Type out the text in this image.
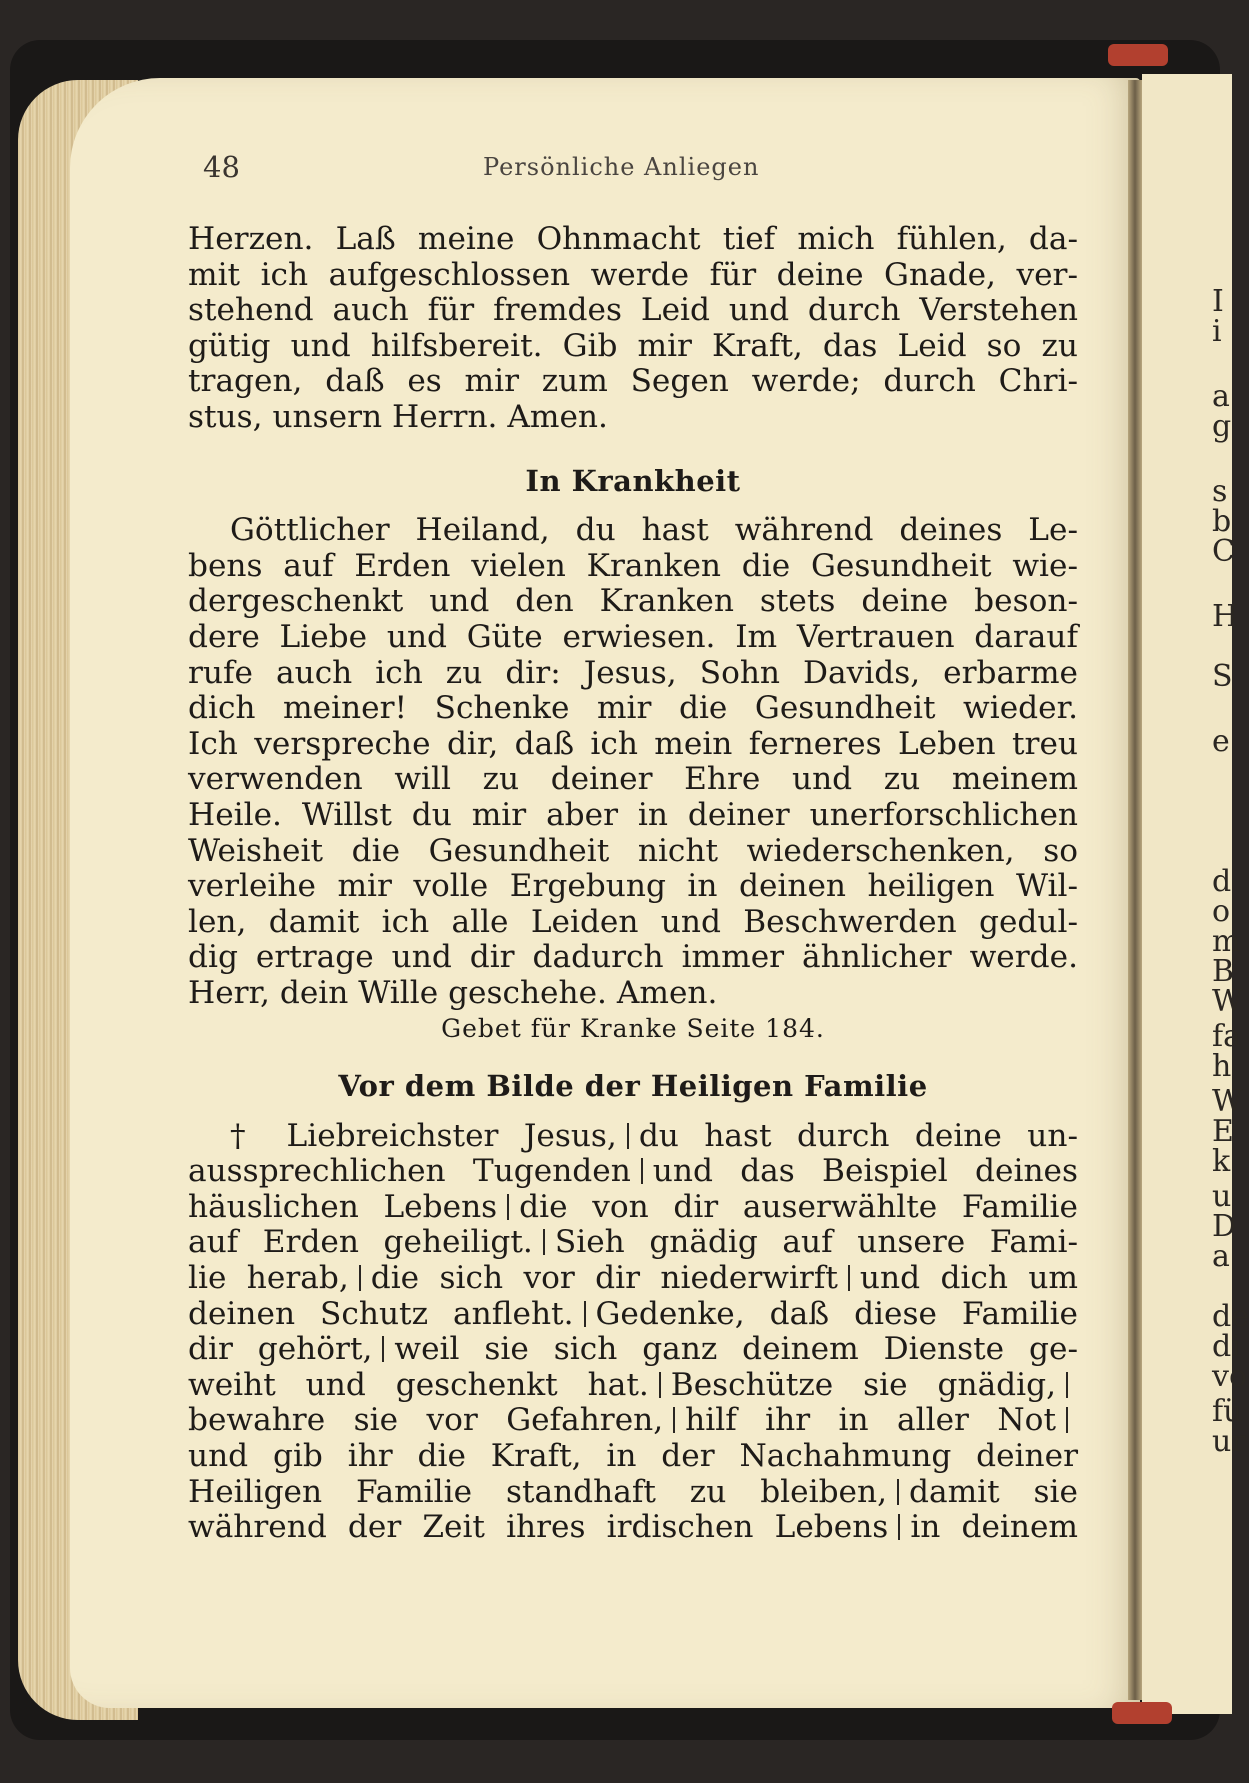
I
i
a
g
s
b
C
H
S
e
d
o
m
B
W
fa
h
W
E
k
u
D
a
de
di
vo
fü
ur
48	Persönliche Anliegen
Herzen. Laß meine Ohnmacht tief mich fühlen, da-
mit ich aufgeschlossen werde für deine Gnade, ver-
stehend auch für fremdes Leid und durch Verstehen
gütig und hilfsbereit. Gib mir Kraft, das Leid so zu
tragen, daß es mir zum Segen werde; durch Chri-
stus, unsern Herrn. Amen.
In Krankheit
Göttlicher Heiland, du hast während deines Le-
bens auf Erden vielen Kranken die Gesundheit wie-
dergeschenkt und den Kranken stets deine beson-
dere Liebe und Güte erwiesen. Im Vertrauen darauf
rufe auch ich zu dir: Jesus, Sohn Davids, erbarme
dich meiner! Schenke mir die Gesundheit wieder.
Ich verspreche dir, daß ich mein ferneres Leben treu
verwenden will zu deiner Ehre und zu meinem
Heile. Willst du mir aber in deiner unerforschlichen
Weisheit die Gesundheit nicht wiederschenken, so
verleihe mir volle Ergebung in deinen heiligen Wil-
len, damit ich alle Leiden und Beschwerden gedul-
dig ertrage und dir dadurch immer ähnlicher werde.
Herr, dein Wille geschehe. Amen.
Gebet für Kranke Seite 184.
Vor dem Bilde der Heiligen Familie
† Liebreichster Jesus, du hast durch deine un-
aussprechlichen Tugenden und das Beispiel deines
häuslichen Lebens die von dir auserwählte Familie
auf Erden geheiligt. Sieh gnädig auf unsere Fami-
lie herab, die sich vor dir niederwirft und dich um
deinen Schutz anfleht. Gedenke, daß diese Familie
dir gehört, weil sie sich ganz deinem Dienste ge-
weiht und geschenkt hat. Beschütze sie gnädig,
bewahre sie vor Gefahren, hilf ihr in aller Not
und gib ihr die Kraft, in der Nachahmung deiner
Heiligen Familie standhaft zu bleiben, damit sie
während der Zeit ihres irdischen Lebens in deinem
